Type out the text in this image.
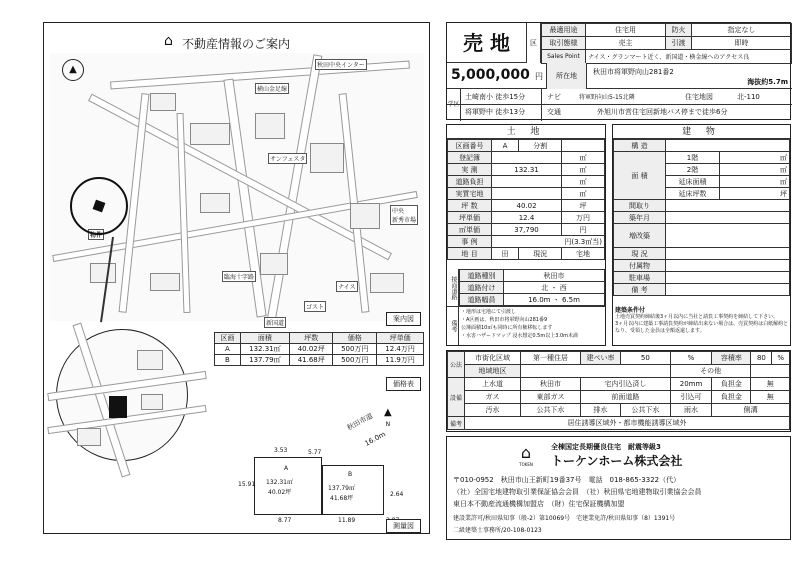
⌂ 不動産情報のご案内
▲	秋田中央インター
横山金足線
サンフェスタ
中央
新秀市場
物件
ナイス
臨海十字路
新国道
ゴスト
案内図
区画	面積	坪数	価格	坪単価
A	132.31㎡	40.02坪	500万円	12.4万円
B	137.79㎡	41.68坪	500万円	11.9万円
価格表
▲
N
秋田市道
16.0m
A
132.31㎡
40.02坪
B
137.79㎡
41.68坪
3.53	5.77
8.77	11.89
15.91
2.64
測量図
売 地
5,000,000 円
区
最適用途	住宅用	防火	指定なし
取引態様	売主	引渡	即時
Sales Point	ナイス・グランマート近く、新国道・横金線へのアクセス良		
所在地	秋田市将軍野向山281番2
海抜約5.7m
土崎南小 徒歩15分
将軍野中 徒歩13分
ナビ	将軍野向山5-15北隣	住宅地図	北-110
交通	外旭川市営住宅回新地バス停まで徒歩6分
土 地
区画番号	A	分割	
登記簿			㎡
実 測	132.31		㎡
道路負担			㎡
実質宅地			㎡
坪 数	40.02		坪
坪単価	12.4		万円
㎡単価	37,790		円
事 例	円(3.3㎡当)		
地 目	田	現況	宅地
接面道路
道路種別	秋田市
道路付け	北 ・ 西
道路幅員	16.0m ・ 6.5m
備考
・地形は宅地にて引渡し
・A区画は、秋田市将軍野向山281番9
公簿面積10㎡も同時に所有権移転します
・水害ハザードマップ 浸水想定0.5m以上3.0m未満
建 物
構 造		
面 積	1階	㎡
	2階	㎡
	延床面積	㎡
	延床坪数	坪
間取り		
築年月		
増改築		
現 況		
付属物		
駐車場		
備 考		
建築条件付
土地売買契約締結後3ヶ月以内に当社と請負工事契約を締結して下さい。
3ヶ月以内に建築工事請負契約が締結出来ない場合は、売買契約は白紙解約となり、受領した金員は全額返還します。
公法	市街化区域	第一種住居	建ぺい率	50	%	容積率	80	%
	地域地区				その他			
設備	上水道	秋田市	宅内引込済し		20mm	負担金	無	
	ガス	東部ガス	前面道路		引込可	負担金	無	
	汚水	公共下水	排水	公共下水	雨水	側溝		
備考	居住誘導区域外・都市機能誘導区域外							
⌂
TOKEN
全棟国定長期優良住宅　耐震等級3
トーケンホーム株式会社
〒010-0952　秋田市山王新町19番37号　電話　018-865-3322（代）
（社）全国宅地建物取引業保証協会会員　（社）秋田県宅地建物取引業協会会員
東日本不動産流通機構加盟店　（財）住宅保証機構加盟
建設業許可/秋田県知事（般-2）第10069号　宅建業免許/秋田県知事（8）1391号
二級建築士事務所/20-108-0123
